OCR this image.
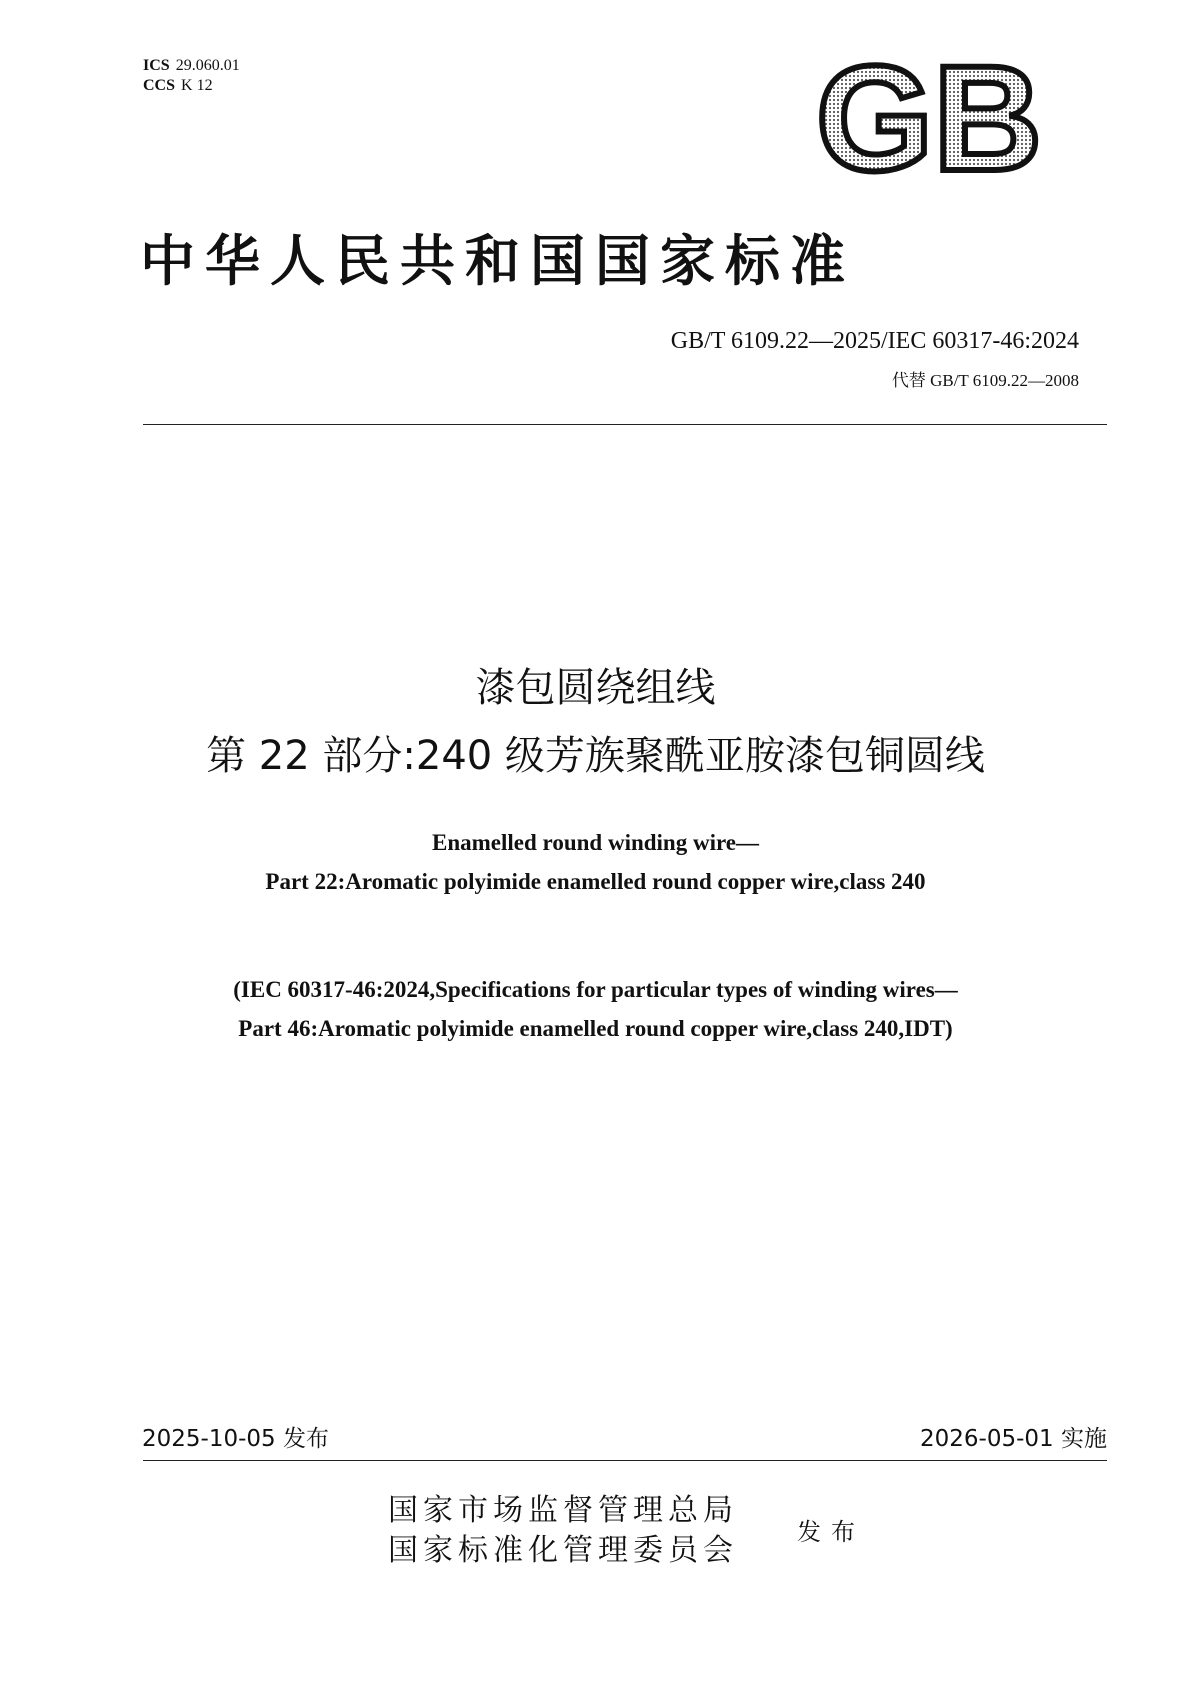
ICS 29.060.01
CCS K 12	GB
中华人民共和国国家标准
GB/T 6109.22—2025/IEC 60317-46:2024
代替 GB/T 6109.22—2008
漆包圆绕组线
第 22 部分:240 级芳族聚酰亚胺漆包铜圆线
Enamelled round winding wire—
Part 22:Aromatic polyimide enamelled round copper wire,class 240
(IEC 60317-46:2024,Specifications for particular types of winding wires—
Part 46:Aromatic polyimide enamelled round copper wire,class 240,IDT)
2025-10-05 发布	2026-05-01 实施
国家市场监督管理总局
国家标准化管理委员会
发布
